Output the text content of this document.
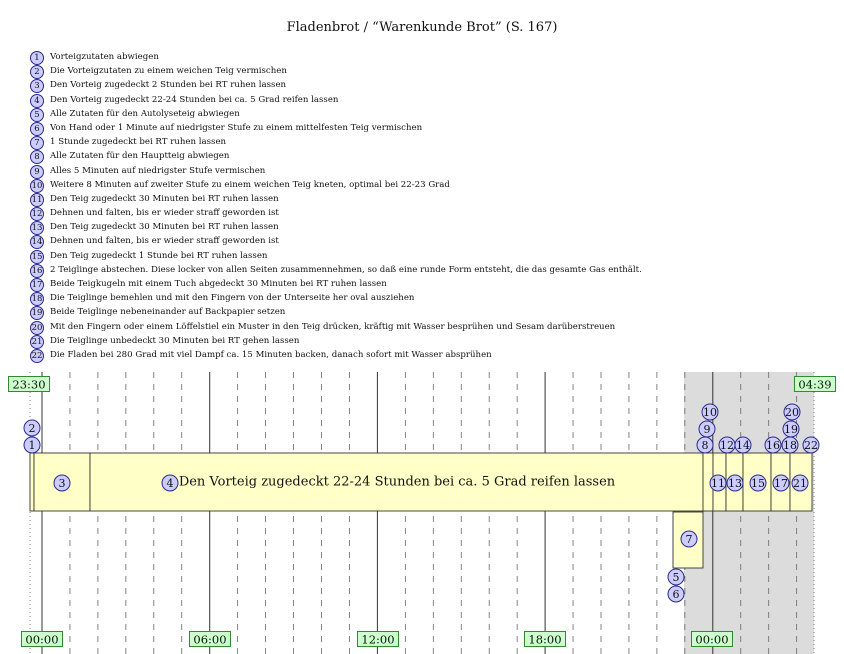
Fladenbrot / “Warenkunde Brot” (S. 167)
1	Vorteigzutaten abwiegen
2	Die Vorteigzutaten zu einem weichen Teig vermischen
3	Den Vorteig zugedeckt 2 Stunden bei RT ruhen lassen
4	Den Vorteig zugedeckt 22-24 Stunden bei ca. 5 Grad reifen lassen
5	Alle Zutaten für den Autolyseteig abwiegen
6	Von Hand oder 1 Minute auf niedrigster Stufe zu einem mittelfesten Teig vermischen
7	1 Stunde zugedeckt bei RT ruhen lassen
8	Alle Zutaten für den Hauptteig abwiegen
9	Alles 5 Minuten auf niedrigster Stufe vermischen
10 Weitere 8 Minuten auf zweiter Stufe zu einem weichen Teig kneten, optimal bei 22-23 Grad
11 Den Teig zugedeckt 30 Minuten bei RT ruhen lassen
12 Dehnen und falten, bis er wieder straff geworden ist
13 Den Teig zugedeckt 30 Minuten bei RT ruhen lassen
14 Dehnen und falten, bis er wieder straff geworden ist
15 Den Teig zugedeckt 1 Stunde bei RT ruhen lassen
16 2 Teiglinge abstechen. Diese locker von allen Seiten zusammennehmen, so daß eine runde Form entsteht, die das gesamte Gas enthält.
17 Beide Teigkugeln mit einem Tuch abgedeckt 30 Minuten bei RT ruhen lassen
18 Die Teiglinge bemehlen und mit den Fingern von der Unterseite her oval ausziehen
19 Beide Teiglinge nebeneinander auf Backpapier setzen
20 Mit den Fingern oder einem Löffelstiel ein Muster in den Teig drücken, kräftig mit Wasser besprühen und Sesam darüberstreuen
21 Die Teiglinge unbedeckt 30 Minuten bei RT gehen lassen
22 Die Fladen bei 280 Grad mit viel Dampf ca. 15 Minuten backen, danach sofort mit Wasser absprühen
Den Vorteig zugedeckt 22-24 Stunden bei ca. 5 Grad reifen lassen
1
2
3	4
5
6
7
8
9
10
11
12
13
14
15
16
17
18
19
20
21
22
23:30	04:39
00:00	06:00	12:00	18:00	00:00
